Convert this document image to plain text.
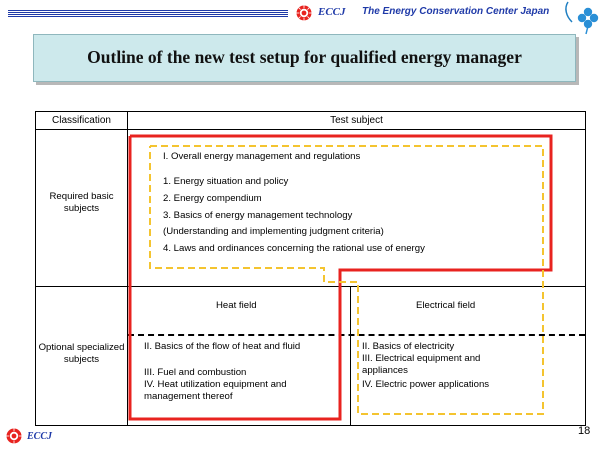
ECCJ The Energy Conservation Center Japan
Outline of the new test setup for qualified energy manager
Classification	Test subject
Required basic subjects
Optional specialized subjects
I. Overall energy management and regulations
1. Energy situation and policy
2. Energy compendium
3. Basics of energy management technology
(Understanding and implementing judgment criteria)
4. Laws and ordinances concerning the rational use of energy
Heat field
II. Basics of the flow of heat and fluid
III. Fuel and combustion
IV. Heat utilization equipment and management thereof
Electrical field
II. Basics of electricity
III. Electrical equipment and appliances
IV. Electric power applications
ECCJ	18
